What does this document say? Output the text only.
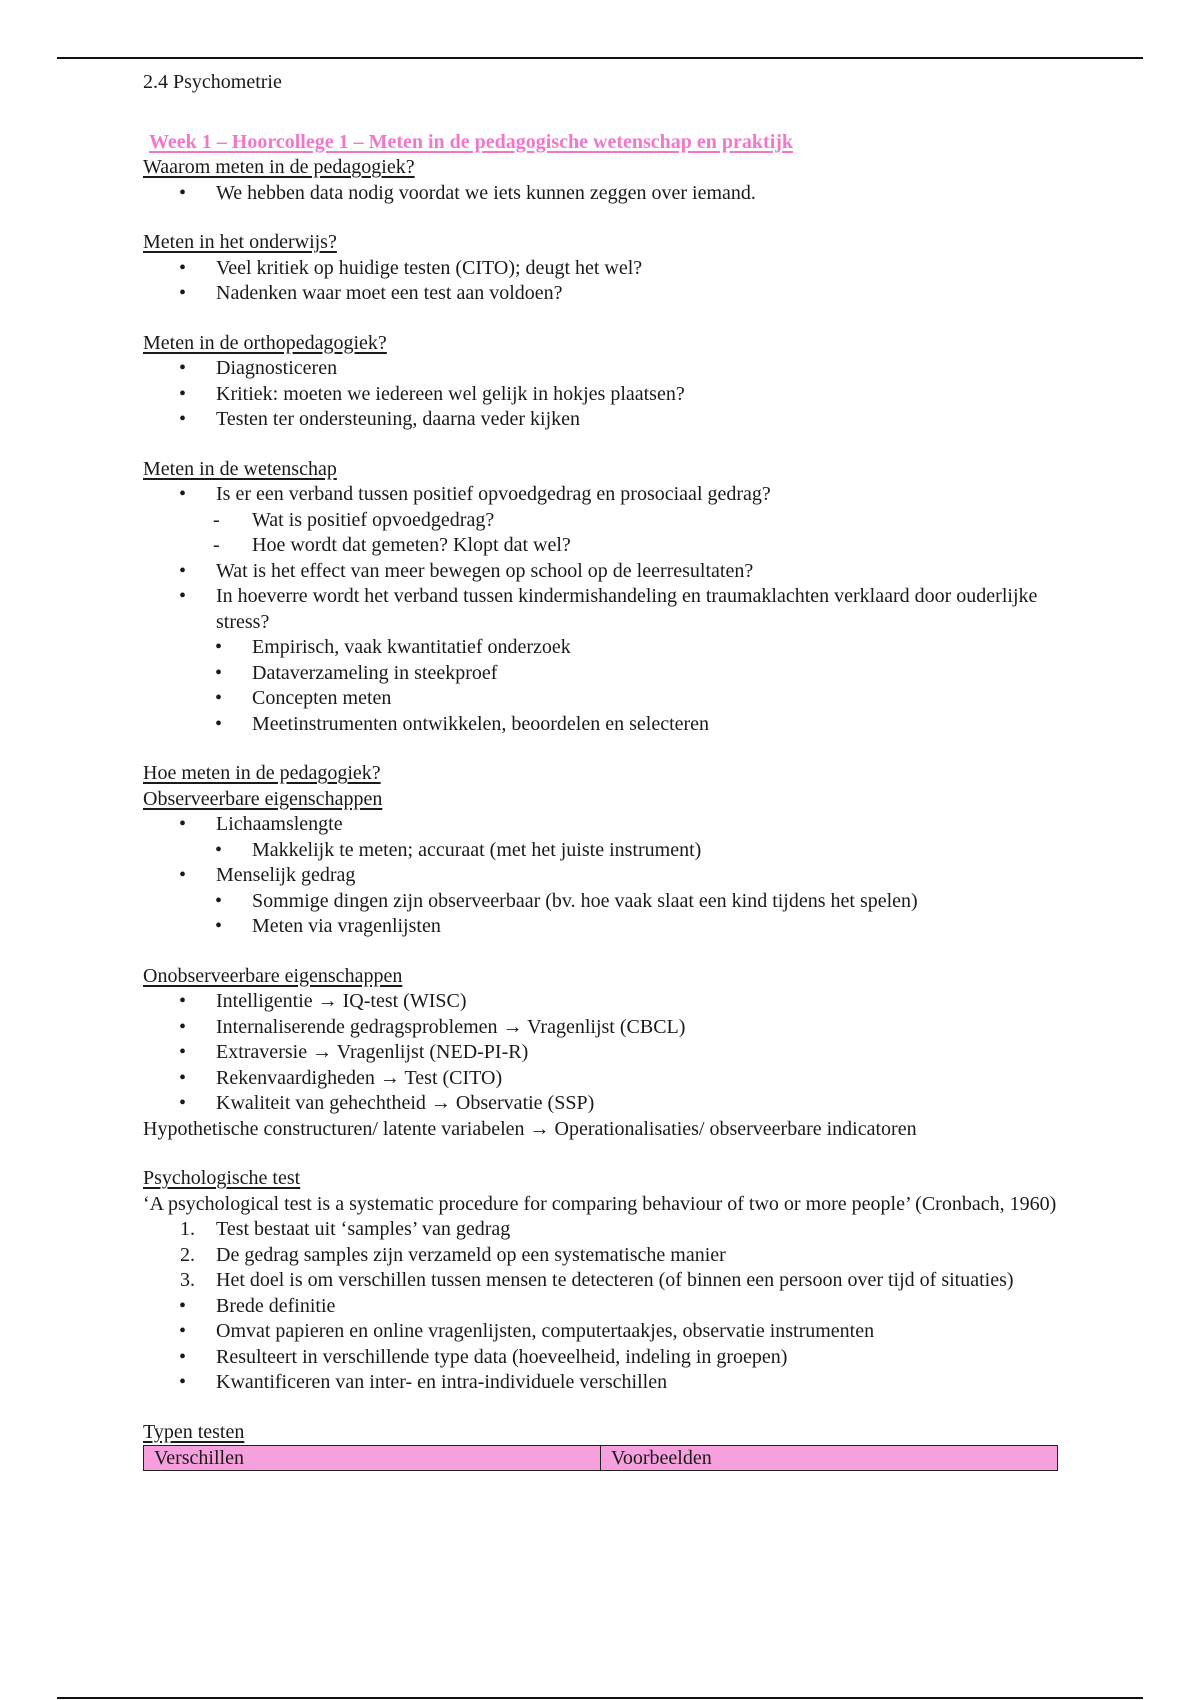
2.4 Psychometrie

Week 1 – Hoorcollege 1 – Meten in de pedagogische wetenschap en praktijk

Waarom meten in de pedagogiek?

• We hebben data nodig voordat we iets kunnen zeggen over iemand.

Meten in het onderwijs?

• Veel kritiek op huidige testen (CITO); deugt het wel?
• Nadenken waar moet een test aan voldoen?

Meten in de orthopedagogiek?

• Diagnosticeren
• Kritiek: moeten we iedereen wel gelijk in hokjes plaatsen?
• Testen ter ondersteuning, daarna veder kijken

Meten in de wetenschap

• Is er een verband tussen positief opvoedgedrag en prosociaal gedrag?
- Wat is positief opvoedgedrag?
- Hoe wordt dat gemeten? Klopt dat wel?
• Wat is het effect van meer bewegen op school op de leerresultaten?
• In hoeverre wordt het verband tussen kindermishandeling en traumaklachten verklaard door ouderlijke stress?
• Empirisch, vaak kwantitatief onderzoek
• Dataverzameling in steekproef
• Concepten meten
• Meetinstrumenten ontwikkelen, beoordelen en selecteren

Hoe meten in de pedagogiek?

Observeerbare eigenschappen

• Lichaamslengte
• Makkelijk te meten; accuraat (met het juiste instrument)
• Menselijk gedrag
• Sommige dingen zijn observeerbaar (bv. hoe vaak slaat een kind tijdens het spelen)
• Meten via vragenlijsten

Onobserveerbare eigenschappen

• Intelligentie → IQ-test (WISC)
• Internaliserende gedragsproblemen → Vragenlijst (CBCL)
• Extraversie → Vragenlijst (NED-PI-R)
• Rekenvaardigheden → Test (CITO)
• Kwaliteit van gehechtheid → Observatie (SSP)

Hypothetische constructuren/ latente variabelen → Operationalisaties/ observeerbare indicatoren

Psychologische test

‘A psychological test is a systematic procedure for comparing behaviour of two or more people’ (Cronbach, 1960)

1. Test bestaat uit ‘samples’ van gedrag
2. De gedrag samples zijn verzameld op een systematische manier
3. Het doel is om verschillen tussen mensen te detecteren (of binnen een persoon over tijd of situaties)
• Brede definitie
• Omvat papieren en online vragenlijsten, computertaakjes, observatie instrumenten
• Resulteert in verschillende type data (hoeveelheid, indeling in groepen)
• Kwantificeren van inter- en intra-individuele verschillen

Typen testen

Verschillen	Voorbeelden
